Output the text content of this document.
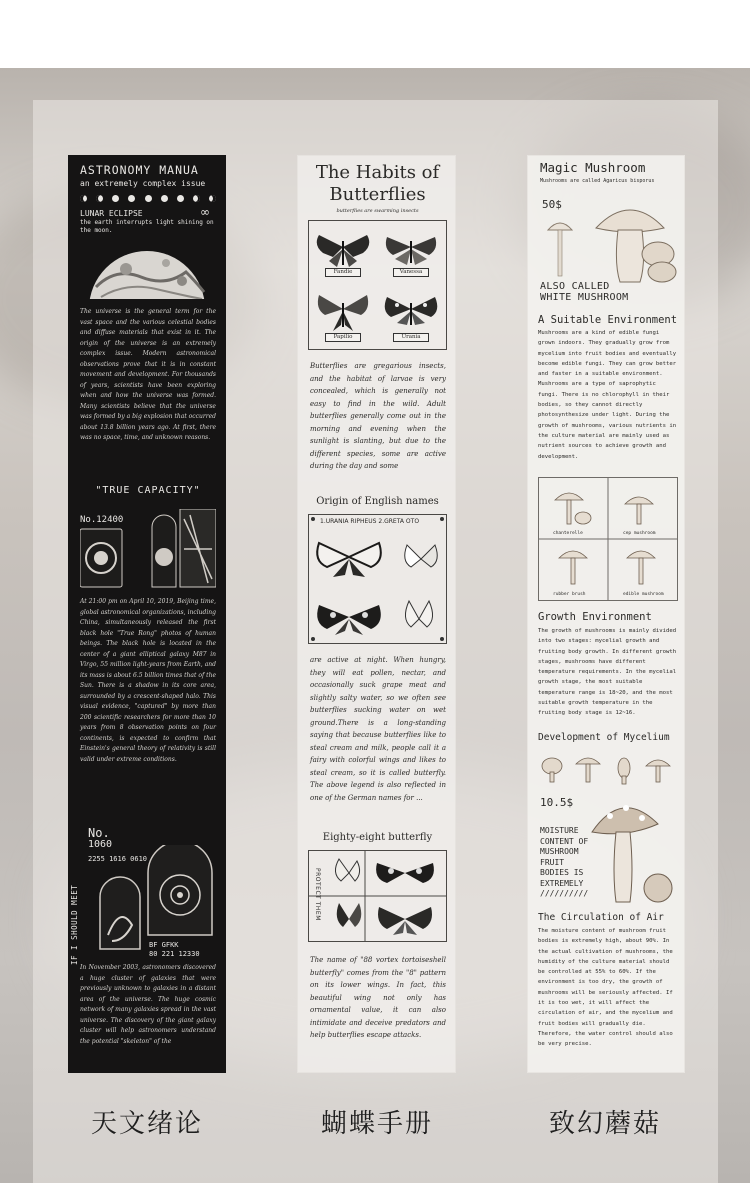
ASTRONOMY MANUA
an extremely complex issue
LUNAR ECLIPSE	∞
the earth interrupts light shining on the moon.
The universe is the general term for the vast space and the various celestial bodies and diffuse materials that exist in it. The origin of the universe is an extremely complex issue. Modern astronomical observations prove that it is in constant movement and development. For thousands of years, scientists have been exploring when and how the universe was formed. Many scientists believe that the universe was formed by a big explosion that occurred about 13.8 billion years ago. At first, there was no space, time, and unknown reasons.
"TRUE CAPACITY"
No.12400
At 21:00 pm on April 10, 2019, Beijing time, global astronomical organizations, including China, simultaneously released the first black hole "True Rong" photos of human beings. The black hole is located in the center of a giant elliptical galaxy M87 in Virgo, 55 million light-years from Earth, and its mass is about 6.5 billion times that of the Sun. There is a shadow in its core area, surrounded by a crescent-shaped halo. This visual evidence, "captured" by more than 200 scientific researchers for more than 10 years from 8 observation points on four continents, is expected to confirm that Einstein's general theory of relativity is still valid under extreme conditions.
No.
1060
2255 1616 0610
IF I SHOULD MEET	BF GFKK
80 221 12330
In November 2003, astronomers discovered a huge cluster of galaxies that were previously unknown to galaxies in a distant area of the universe. The huge cosmic network of many galaxies spread in the vast universe. The discovery of the giant galaxy cluster will help astronomers understand the potential "skeleton" of the
The Habits of
Butterflies
butterflies are swarming insects
Fandie	Vanessa
Papilio	Urania
Butterflies are gregarious insects, and the habitat of larvae is very concealed, which is generally not easy to find in the wild. Adult butterflies generally come out in the morning and evening when the sunlight is slanting, but due to the different species, some are active during the day and some
Origin of English names
1.URANIA RIPHEUS 2.GRETA OTO
are active at night. When hungry, they will eat pollen, nectar, and occasionally suck grape meat and slightly salty water, so we often see butterflies sucking water on wet ground.There is a long-standing saying that because butterflies like to steal cream and milk, people call it a fairy with colorful wings and likes to steal cream, so it is called butterfly. The above legend is also reflected in one of the German names for ...
Eighty-eight butterfly
PROTECT THEM
The name of "88 vortex tortoiseshell butterfly" comes from the "8" pattern on its lower wings. In fact, this beautiful wing not only has ornamental value, it can also intimidate and deceive predators and help butterflies escape attacks.
Magic Mushroom
Mushrooms are called Agaricus bisporus
50$
ALSO CALLED
WHITE MUSHROOM
A Suitable Environment
Mushrooms are a kind of edible fungi grown indoors. They gradually grow from mycelium into fruit bodies and eventually become edible fungi. They can grow better and faster in a suitable environment. Mushrooms are a type of saprophytic fungi. There is no chlorophyll in their bodies, so they cannot directly photosynthesize under light. During the growth of mushrooms, various nutrients in the culture material are mainly used as nutrient sources to achieve growth and development.
chanterelle	cep mushroom
rubber brush	edible mushroom
Growth Environment
The growth of mushrooms is mainly divided into two stages: mycelial growth and fruiting body growth. In different growth stages, mushrooms have different temperature requirements. In the mycelial growth stage, the most suitable temperature range is 18~20, and the most suitable growth temperature in the fruiting body stage is 12~16.
Development of Mycelium
10.5$
MOISTURE
CONTENT OF
MUSHROOM
FRUIT
BODIES IS
EXTREMELY
//////////
The Circulation of Air
The moisture content of mushroom fruit bodies is extremely high, about 90%. In the actual cultivation of mushrooms, the humidity of the culture material should be controlled at 55% to 60%. If the environment is too dry, the growth of mushrooms will be seriously affected. If it is too wet, it will affect the circulation of air, and the mycelium and fruit bodies will gradually die. Therefore, the water control should also be very precise.
天文绪论	蝴蝶手册	致幻蘑菇
